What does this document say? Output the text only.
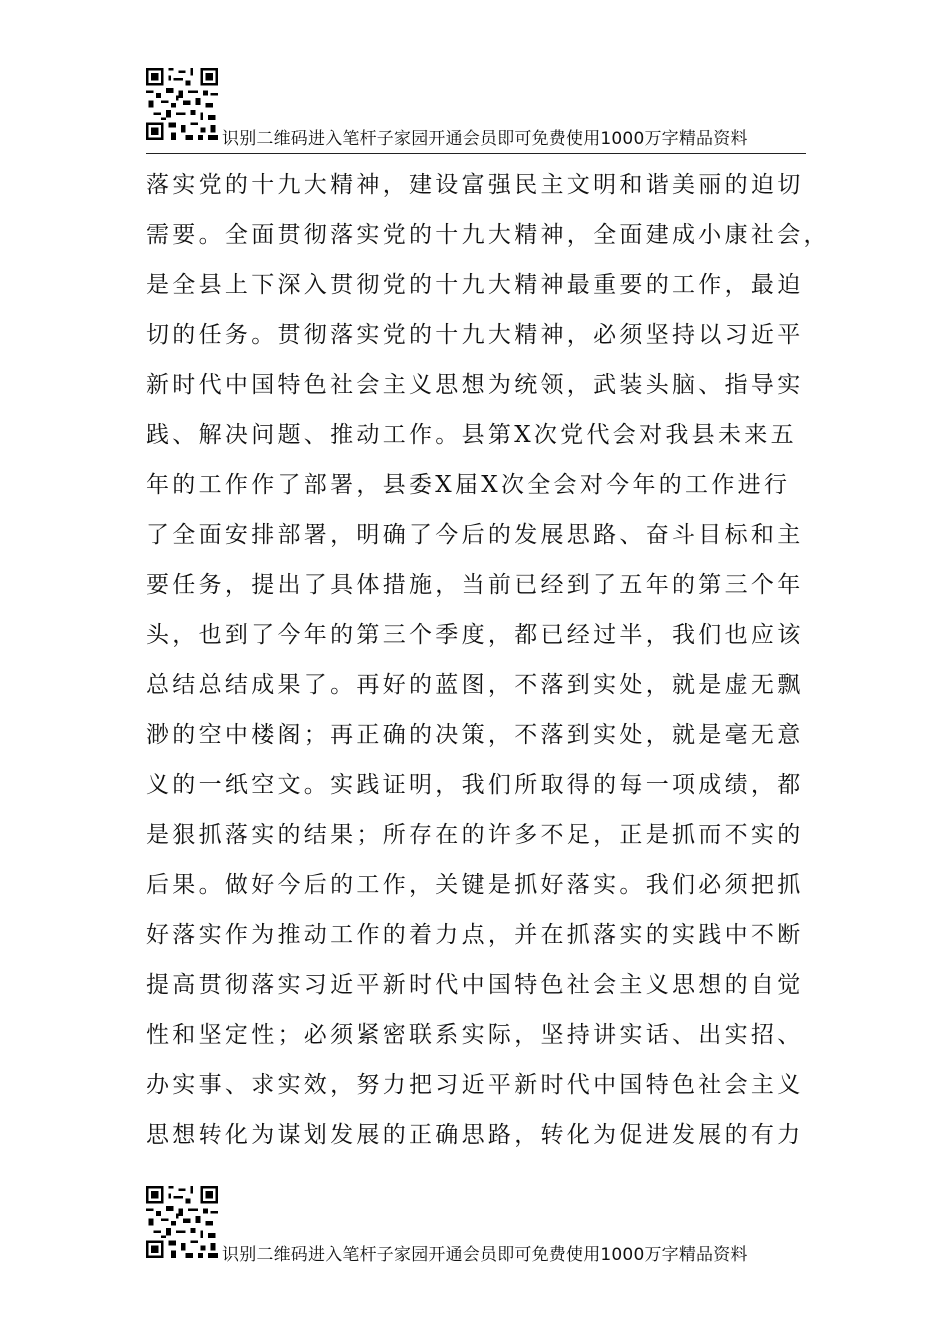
识别二维码进入笔杆子家园开通会员即可免费使用1000万字精品资料
落实党的十九大精神，建设富强民主文明和谐美丽的迫切
需要。全面贯彻落实党的十九大精神，全面建成小康社会，
是全县上下深入贯彻党的十九大精神最重要的工作，最迫
切的任务。贯彻落实党的十九大精神，必须坚持以习近平
新时代中国特色社会主义思想为统领，武装头脑、指导实
践、解决问题、推动工作。县第X次党代会对我县未来五
年的工作作了部署，县委X届X次全会对今年的工作进行
了全面安排部署，明确了今后的发展思路、奋斗目标和主
要任务，提出了具体措施，当前已经到了五年的第三个年
头，也到了今年的第三个季度，都已经过半，我们也应该
总结总结成果了。再好的蓝图，不落到实处，就是虚无飘
渺的空中楼阁；再正确的决策，不落到实处，就是毫无意
义的一纸空文。实践证明，我们所取得的每一项成绩，都
是狠抓落实的结果；所存在的许多不足，正是抓而不实的
后果。做好今后的工作，关键是抓好落实。我们必须把抓
好落实作为推动工作的着力点，并在抓落实的实践中不断
提高贯彻落实习近平新时代中国特色社会主义思想的自觉
性和坚定性；必须紧密联系实际，坚持讲实话、出实招、
办实事、求实效，努力把习近平新时代中国特色社会主义
思想转化为谋划发展的正确思路，转化为促进发展的有力
识别二维码进入笔杆子家园开通会员即可免费使用1000万字精品资料
